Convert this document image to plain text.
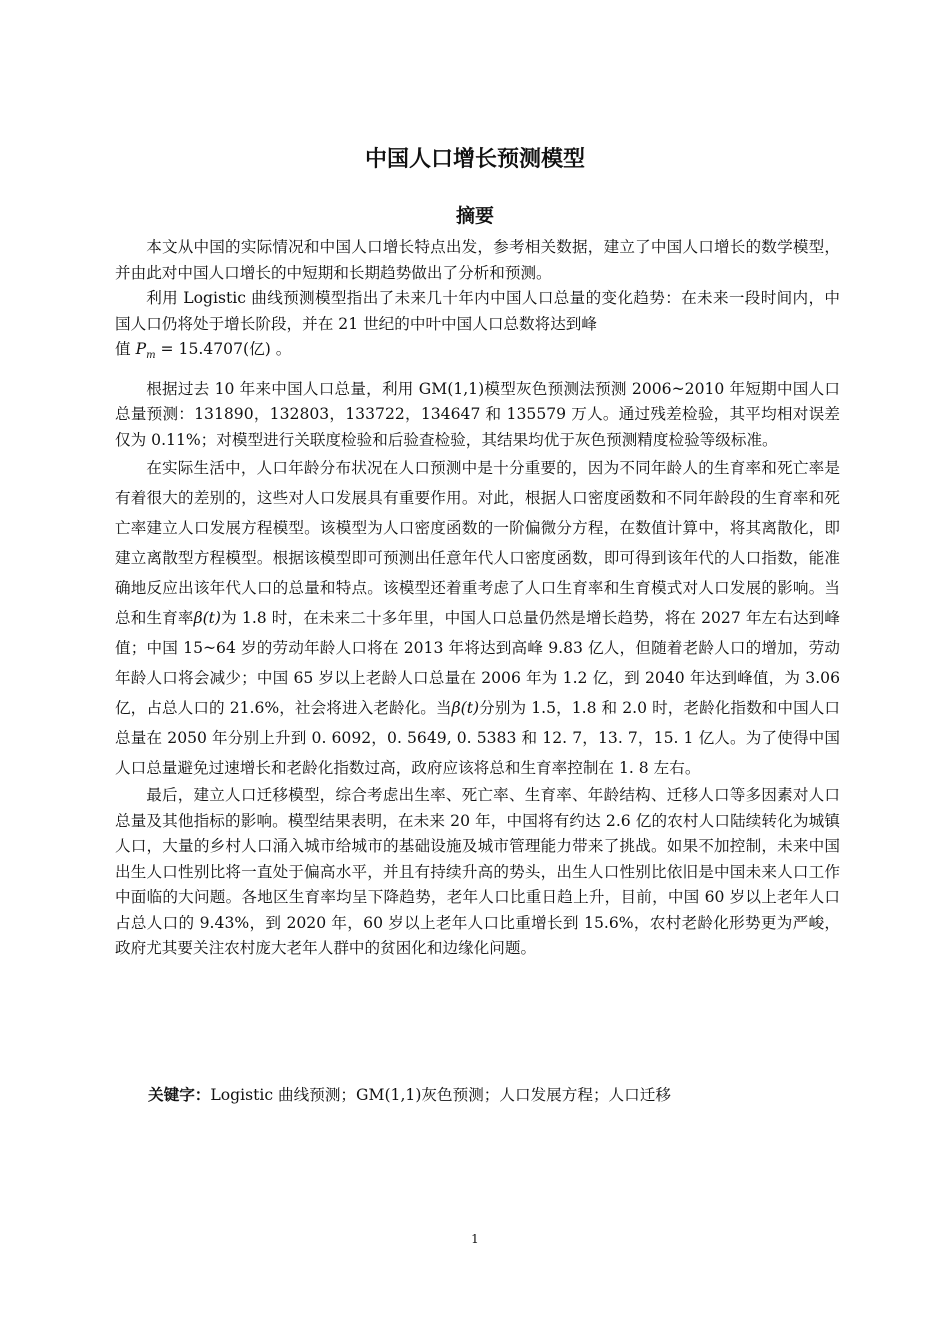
中国人口增长预测模型
摘要

本文从中国的实际情况和中国人口增长特点出发，参考相关数据，建立了中国人口增长的数学模型，并由此对中国人口增长的中短期和长期趋势做出了分析和预测。

利用 Logistic 曲线预测模型指出了未来几十年内中国人口总量的变化趋势：在未来一段时间内，中国人口仍将处于增长阶段，并在 21 世纪的中叶中国人口总数将达到峰

值 $P_m = 15.4707$(亿) 。

根据过去 10 年来中国人口总量，利用 GM(1,1)模型灰色预测法预测 2006~2010 年短期中国人口总量预测：131890，132803，133722，134647 和 135579 万人。通过残差检验，其平均相对误差仅为 0.11%；对模型进行关联度检验和后验查检验，其结果均优于灰色预测精度检验等级标准。

在实际生活中，人口年龄分布状况在人口预测中是十分重要的，因为不同年龄人的生育率和死亡率是有着很大的差别的，这些对人口发展具有重要作用。对此，根据人口密度函数和不同年龄段的生育率和死亡率建立人口发展方程模型。该模型为人口密度函数的一阶偏微分方程，在数值计算中，将其离散化，即建立离散型方程模型。根据该模型即可预测出任意年代人口密度函数，即可得到该年代的人口指数，能准确地反应出该年代人口的总量和特点。该模型还着重考虑了人口生育率和生育模式对人口发展的影响。当总和生育率β(t)为 1.8 时，在未来二十多年里，中国人口总量仍然是增长趋势，将在 2027 年左右达到峰值；中国 15~64 岁的劳动年龄人口将在 2013 年将达到高峰 9.83 亿人，但随着老龄人口的增加，劳动年龄人口将会减少；中国 65 岁以上老龄人口总量在 2006 年为 1.2 亿，到 2040 年达到峰值，为 3.06 亿，占总人口的 21.6%，社会将进入老龄化。当β(t)分别为 1.5，1.8 和 2.0 时，老龄化指数和中国人口总量在 2050 年分别上升到 0. 6092，0. 5649, 0. 5383 和 12. 7，13. 7，15. 1 亿人。为了使得中国人口总量避免过速增长和老龄化指数过高，政府应该将总和生育率控制在 1. 8 左右。

最后，建立人口迁移模型，综合考虑出生率、死亡率、生育率、年龄结构、迁移人口等多因素对人口总量及其他指标的影响。模型结果表明，在未来 20 年，中国将有约达 2.6 亿的农村人口陆续转化为城镇人口，大量的乡村人口涌入城市给城市的基础设施及城市管理能力带来了挑战。如果不加控制，未来中国出生人口性别比将一直处于偏高水平，并且有持续升高的势头，出生人口性别比依旧是中国未来人口工作中面临的大问题。各地区生育率均呈下降趋势，老年人口比重日趋上升，目前，中国 60 岁以上老年人口占总人口的 9.43%，到 2020 年，60 岁以上老年人口比重增长到 15.6%，农村老龄化形势更为严峻，政府尤其要关注农村庞大老年人群中的贫困化和边缘化问题。

关键字：Logistic 曲线预测；GM(1,1)灰色预测；人口发展方程；人口迁移
1
